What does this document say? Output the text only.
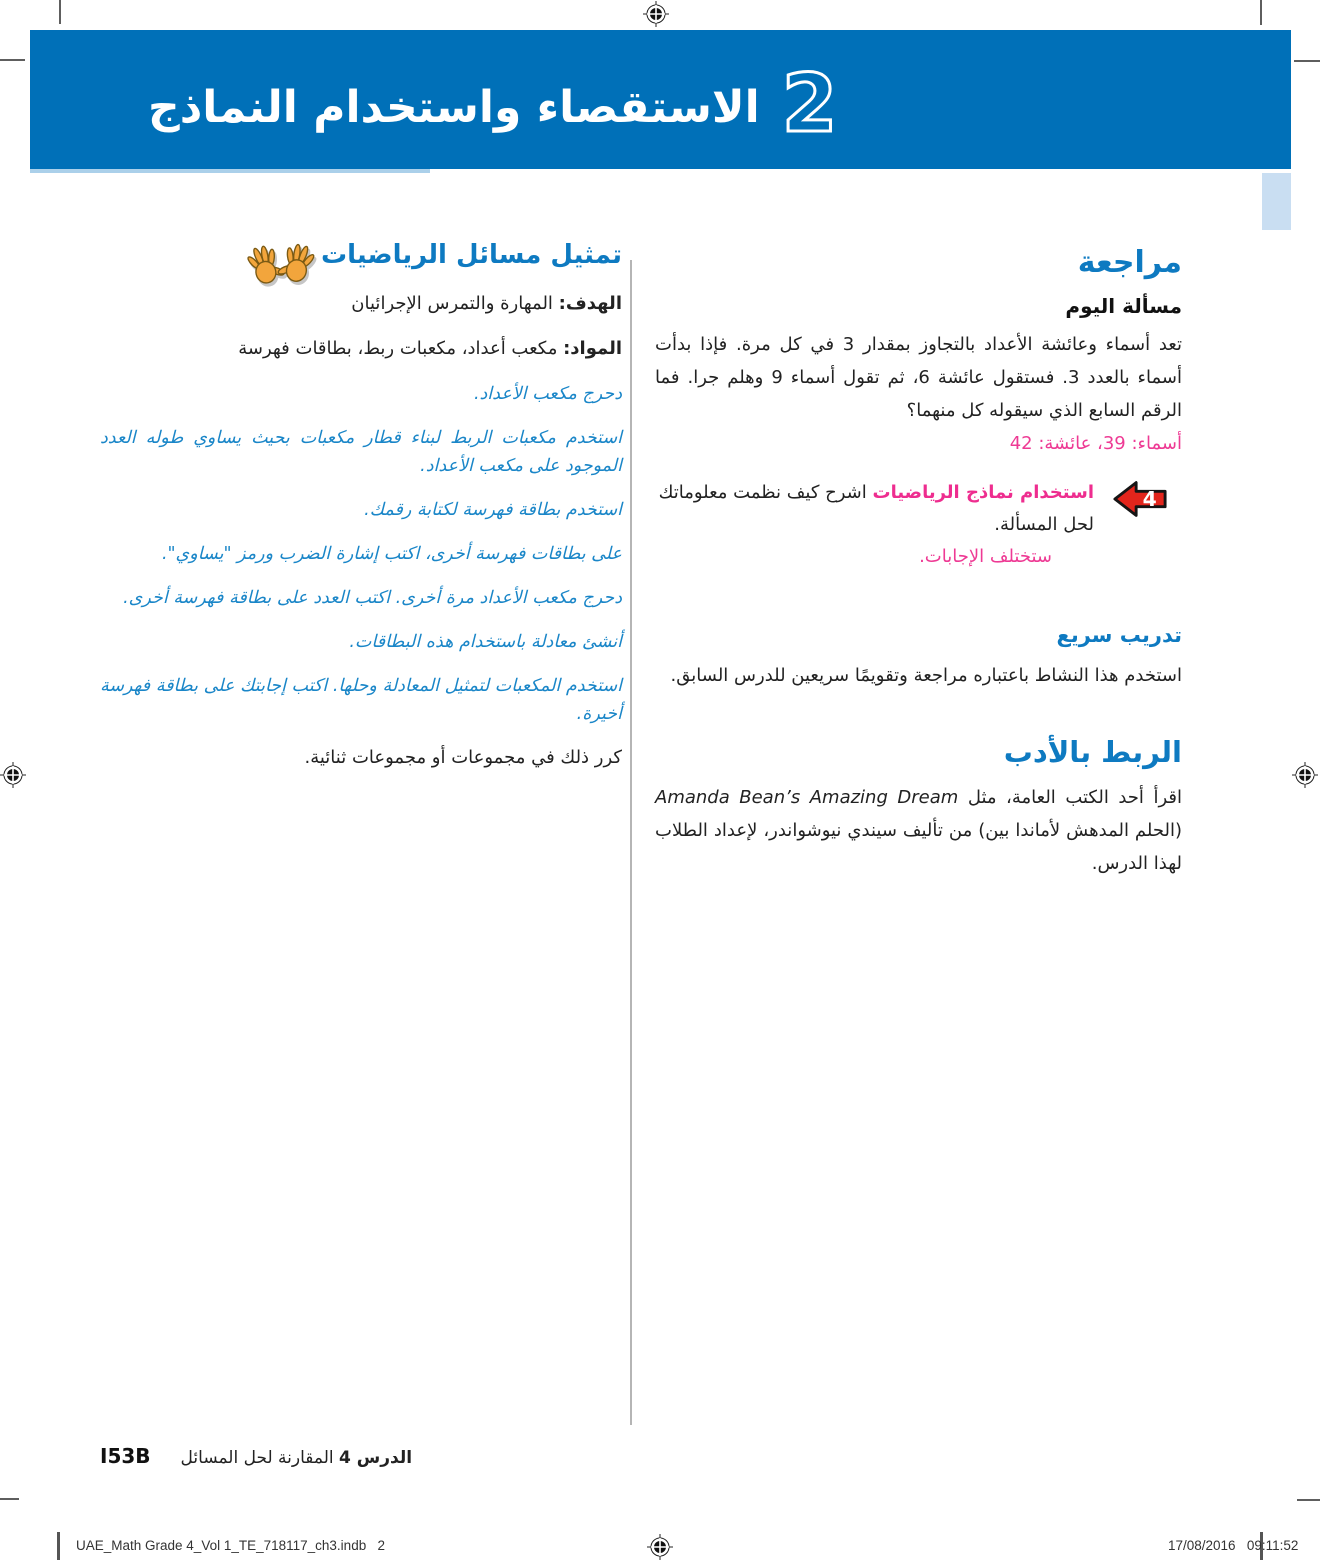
الاستقصاء واستخدام النماذج 2
تمثيل مسائل الرياضيات

الهدف: المهارة والتمرس الإجرائيان

المواد: مكعب أعداد، مكعبات ربط، بطاقات فهرسة

دحرج مكعب الأعداد.

استخدم مكعبات الربط لبناء قطار مكعبات بحيث يساوي طوله العدد الموجود على مكعب الأعداد.

استخدم بطاقة فهرسة لكتابة رقمك.

على بطاقات فهرسة أخرى، اكتب إشارة الضرب ورمز "يساوي".

دحرج مكعب الأعداد مرة أخرى. اكتب العدد على بطاقة فهرسة أخرى.

أنشئ معادلة باستخدام هذه البطاقات.

استخدم المكعبات لتمثيل المعادلة وحلها. اكتب إجابتك على بطاقة فهرسة أخيرة.

كرر ذلك في مجموعات أو مجموعات ثنائية.

مراجعة
مسألة اليوم

تعد أسماء وعائشة الأعداد بالتجاوز بمقدار 3 في كل مرة. فإذا بدأت أسماء بالعدد 3. فستقول عائشة 6، ثم تقول أسماء 9 وهلم جرا. فما الرقم السابع الذي سيقوله كل منهما؟

أسماء: 39، عائشة: 42

4
استخدام نماذج الرياضيات اشرح كيف نظمت معلوماتك لحل المسألة.
ستختلف الإجابات.
تدريب سريع

استخدم هذا النشاط باعتباره مراجعة وتقويمًا سريعين للدرس السابق.

الربط بالأدب

اقرأ أحد الكتب العامة، مثل Amanda Bean’s Amazing Dream (الحلم المدهش لأماندا بين) من تأليف سيندي نيوشواندر، لإعداد الطلاب لهذا الدرس.

I53B	الدرس 4 المقارنة لحل المسائل
UAE_Math Grade 4_Vol 1_TE_718117_ch3.indb   2	17/08/2016   09:11:52
